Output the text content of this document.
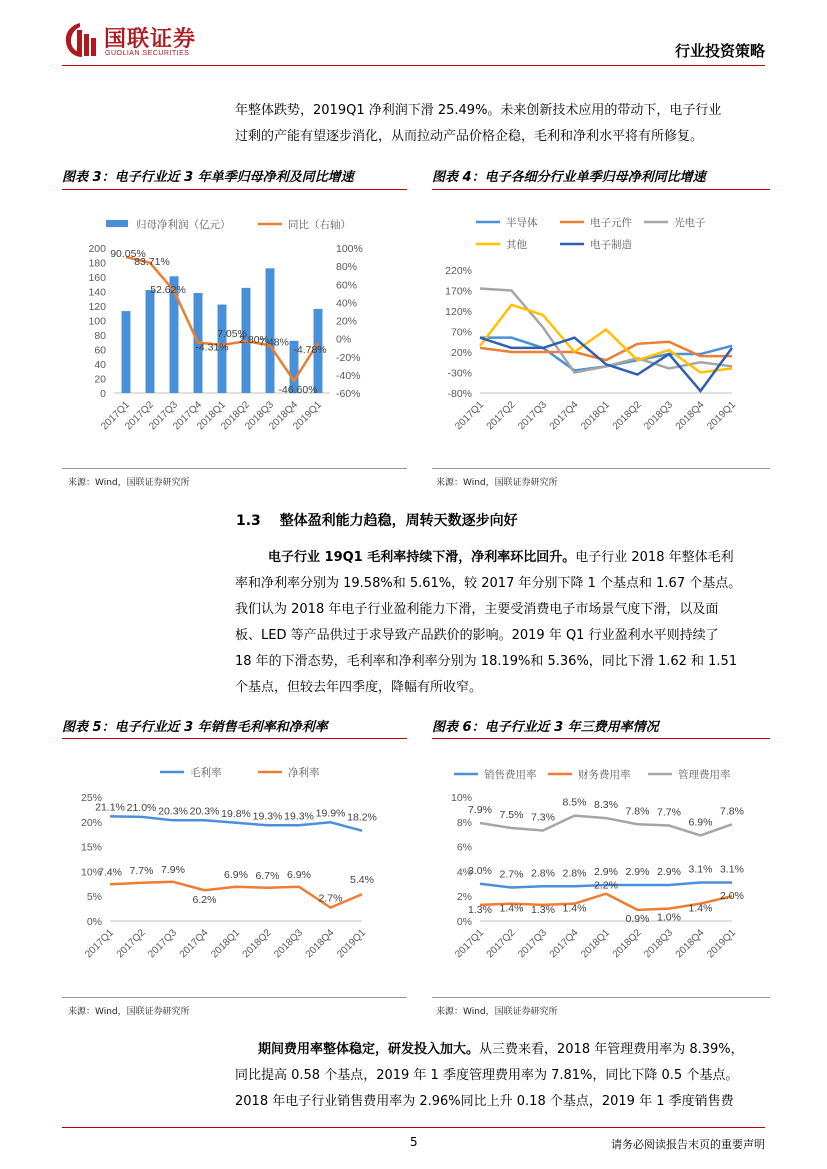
国联证券
GUOLIAN SECURITIES	行业投资策略
年整体跌势，2019Q1 净利润下滑 25.49%。未来创新技术应用的带动下，电子行业
过剩的产能有望逐步消化，从而拉动产品价格企稳，毛利和净利水平将有所修复。
图表 3：电子行业近 3 年单季归母净利及同比增速	图表 4：电子各细分行业单季归母净利同比增速
归母净利润（亿元）	同比（右轴）
0
20
40
60
80
100
120
140
160
180
200
-60%
-40%
-20%
0%
20%
40%
60%
80%
100%
90.05%
83.71%
52.62%
-4.31%
7.05%
2.80%
7.48%
-46.60%
-4.78%
2017Q1
2017Q2
2017Q3
2017Q4
2018Q1
2018Q2
2018Q3
2018Q4
2019Q1
半导体	电子元件	光电子
其他	电子制造
-80%
-30%
20%
70%
120%
170%
220%
2017Q1
2017Q2
2017Q3
2017Q4
2018Q1
2018Q2
2018Q3
2018Q4
2019Q1
来源：Wind，国联证券研究所	来源：Wind，国联证券研究所
1.3 整体盈利能力趋稳，周转天数逐步向好
电子行业 19Q1 毛利率持续下滑，净利率环比回升。电子行业 2018 年整体毛利
率和净利率分别为 19.58%和 5.61%，较 2017 年分别下降 1 个基点和 1.67 个基点。
我们认为 2018 年电子行业盈利能力下滑，主要受消费电子市场景气度下滑，以及面
板、LED 等产品供过于求导致产品跌价的影响。2019 年 Q1 行业盈利水平则持续了
18 年的下滑态势，毛利率和净利率分别为 18.19%和 5.36%，同比下滑 1.62 和 1.51
个基点，但较去年四季度，降幅有所收窄。
图表 5：电子行业近 3 年销售毛利率和净利率	图表 6：电子行业近 3 年三费用率情况
毛利率	净利率
0%
5%
10%
15%
20%
25%
21.1% 21.0% 20.3% 20.3% 19.8% 19.3% 19.3% 19.9% 18.2%
7.4% 7.7% 7.9%
6.2%
6.9% 6.7% 6.9%
2.7%
5.4%
2017Q1
2017Q2
2017Q3
2017Q4
2018Q1
2018Q2
2018Q3
2018Q4
2019Q1
销售费用率	财务费用率	管理费用率
0%
2%
4%
6%
8%
10%
3.0% 2.7% 2.8% 2.8% 2.9% 2.9% 2.9% 3.1% 3.1%
1.3% 1.4% 1.3% 1.4%
2.2%
0.9% 1.0%
1.4%
2.0%
7.9% 7.5% 7.3%
8.5% 8.3%
7.8% 7.7%
6.9%
7.8%
2017Q1
2017Q2
2017Q3
2017Q4
2018Q1
2018Q2
2018Q3
2018Q4
2019Q1
来源：Wind，国联证券研究所	来源：Wind，国联证券研究所
期间费用率整体稳定，研发投入加大。从三费来看，2018 年管理费用率为 8.39%，
同比提高 0.58 个基点，2019 年 1 季度管理费用率为 7.81%，同比下降 0.5 个基点。
2018 年电子行业销售费用率为 2.96%同比上升 0.18 个基点，2019 年 1 季度销售费
5	请务必阅读报告末页的重要声明
